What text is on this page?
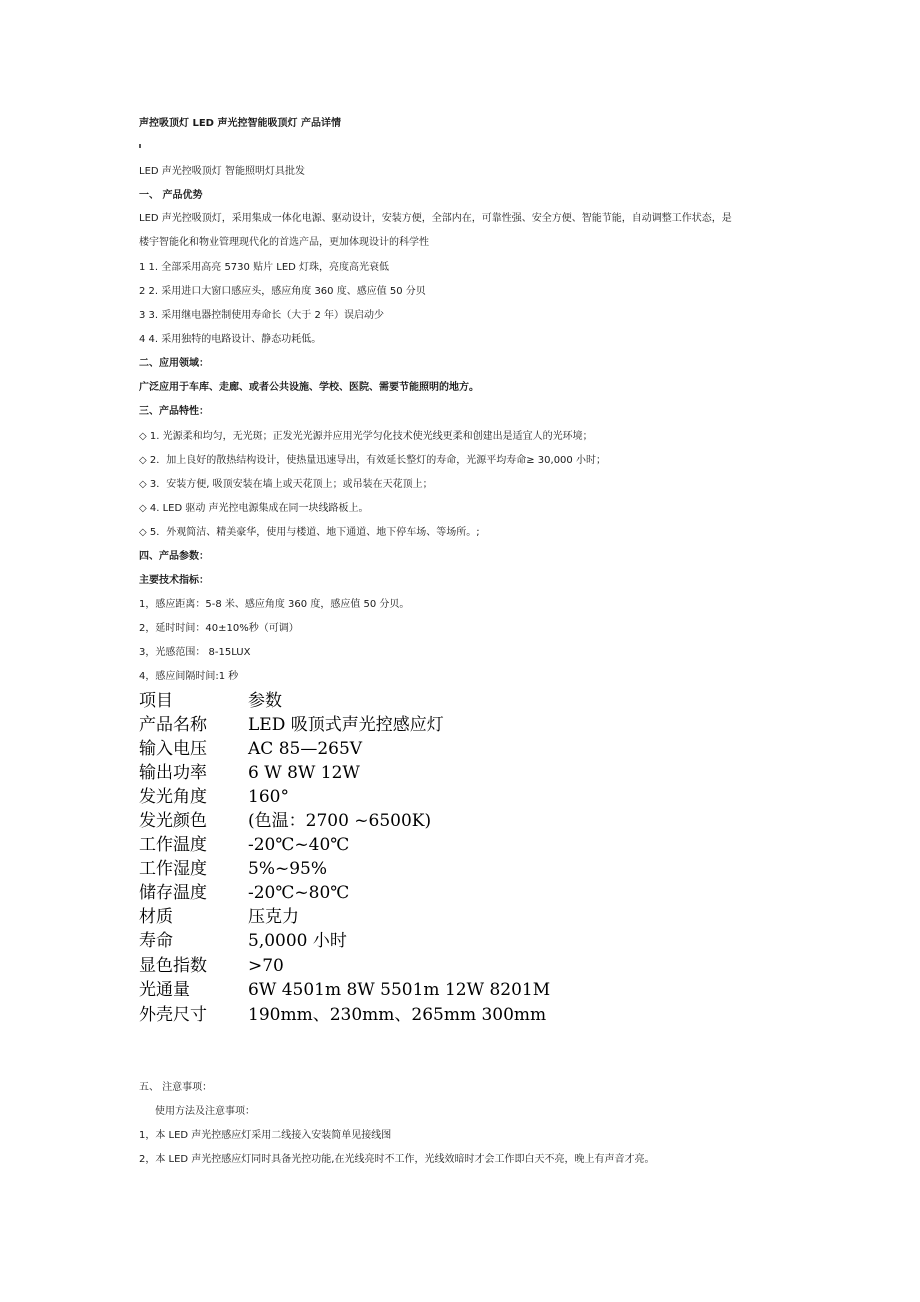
声控吸顶灯 LED 声光控智能吸顶灯 产品详情
LED 声光控吸顶灯 智能照明灯具批发
一、 产品优势
LED 声光控吸顶灯，采用集成一体化电源、驱动设计，安装方便，全部内在，可靠性强、安全方便、智能节能，自动调整工作状态，是
楼宇智能化和物业管理现代化的首选产品，更加体现设计的科学性
1 1. 全部采用高亮 5730 贴片 LED 灯珠，亮度高光衰低
2 2. 采用进口大窗口感应头，感应角度 360 度、感应值 50 分贝
3 3. 采用继电器控制使用寿命长（大于 2 年）误启动少
4 4. 采用独特的电路设计、静态功耗低。
二、应用领域：
广泛应用于车库、走廊、或者公共设施、学校、医院、需要节能照明的地方。
三、产品特性：
◇ 1. 光源柔和均匀，无光斑；正发光光源并应用光学匀化技术使光线更柔和创建出是适宜人的光环境；
◇ 2．加上良好的散热结构设计，使热量迅速导出，有效延长整灯的寿命，光源平均寿命≥ 30,000 小时；
◇ 3．安装方便, 吸顶安装在墙上或天花顶上；或吊装在天花顶上；
◇ 4. LED 驱动 声光控电源集成在同一块线路板上。
◇ 5．外观简洁、精美豪华，使用与楼道、地下通道、地下停车场、等场所。;
四、产品参数：
主要技术指标：
1，感应距离：5-8 米、感应角度 360 度，感应值 50 分贝。
2，延时时间：40±10%秒（可调）
3，光感范围： 8-15LUX
4，感应间隔时间:1 秒
项目	参数
产品名称 LED 吸顶式声光控感应灯
输入电压 AC 85—265V
输出功率 6 W 8W 12W
发光角度 160°
发光颜色 (色温：2700 ~6500K)
工作温度 -20℃~40℃
工作湿度 5%~95%
储存温度 -20℃~80℃
材质	压克力
寿命	5,0000 小时
显色指数 >70
光通量	6W 4501m 8W 5501m 12W 8201M
外壳尺寸 190mm、230mm、265mm 300mm
五、 注意事项：
使用方法及注意事项：
1，本 LED 声光控感应灯采用二线接入安装简单见接线图
2，本 LED 声光控感应灯同时具备光控功能,在光线亮时不工作，光线效暗时才会工作即白天不亮，晚上有声音才亮。
